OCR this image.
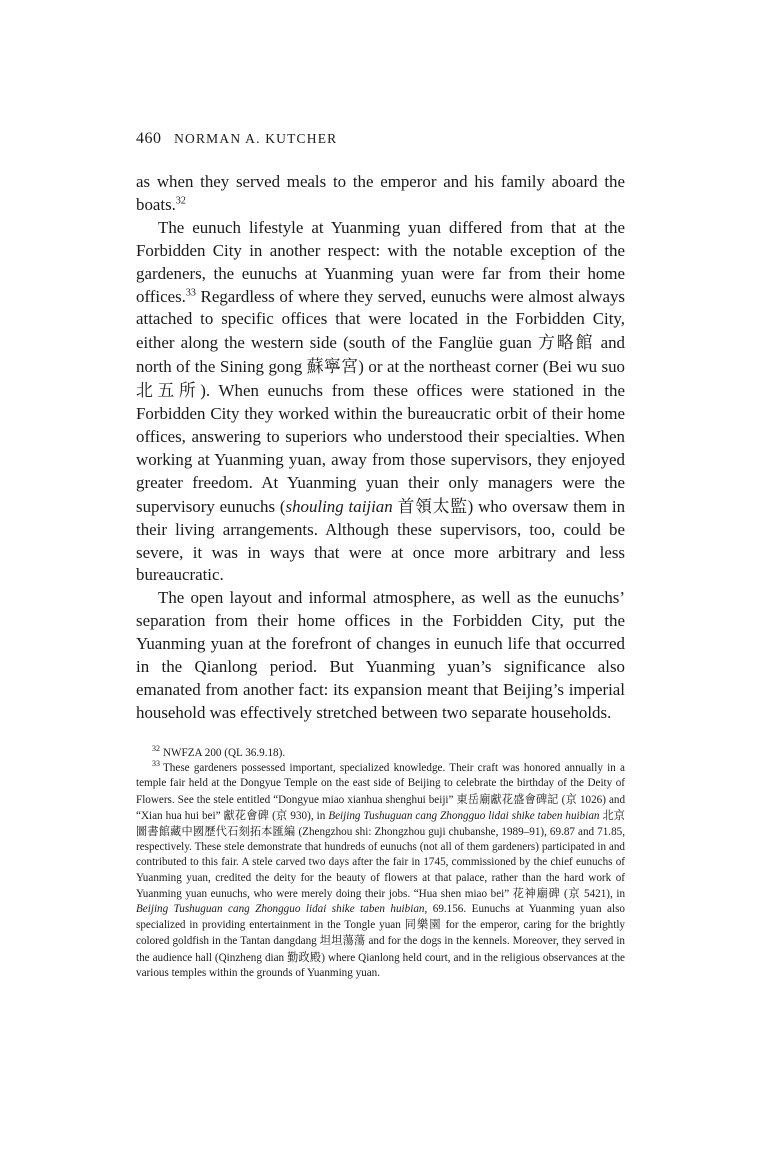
460 NORMAN A. KUTCHER

as when they served meals to the emperor and his family aboard the boats.$^{32}$

The eunuch lifestyle at Yuanming yuan differed from that at the Forbidden City in another respect: with the notable exception of the gardeners, the eunuchs at Yuanming yuan were far from their home offices.$^{33}$ Regardless of where they served, eunuchs were almost always attached to specific offices that were located in the Forbidden City, either along the western side (south of the Fanglüe guan 方略館 and north of the Sining gong 蘇寧宮) or at the northeast corner (Bei wu suo 北五所). When eunuchs from these offices were stationed in the Forbidden City they worked within the bureaucratic orbit of their home offices, answering to superiors who understood their specialties. When working at Yuanming yuan, away from those supervisors, they enjoyed greater freedom. At Yuanming yuan their only managers were the supervisory eunuchs (shouling taijian 首領太監) who oversaw them in their living arrangements. Although these supervisors, too, could be severe, it was in ways that were at once more arbitrary and less bureaucratic.

The open layout and informal atmosphere, as well as the eunuchs’ separation from their home offices in the Forbidden City, put the Yuanming yuan at the forefront of changes in eunuch life that occurred in the Qianlong period. But Yuanming yuan’s significance also emanated from another fact: its expansion meant that Beijing’s imperial household was effectively stretched between two separate households.

$^{32}$ NWFZA 200 (QL 36.9.18).

$^{33}$ These gardeners possessed important, specialized knowledge. Their craft was honored annually in a temple fair held at the Dongyue Temple on the east side of Beijing to celebrate the birthday of the Deity of Flowers. See the stele entitled “Dongyue miao xianhua shenghui beiji” 東岳廟獻花盛會碑記 (京 1026) and “Xian hua hui bei” 獻花會碑 (京 930), in Beijing Tushuguan cang Zhongguo lidai shike taben huibian 北京圖書館藏中國歷代石刻拓本匯編 (Zhengzhou shi: Zhongzhou guji chubanshe, 1989–91), 69.87 and 71.85, respectively. These stele demonstrate that hundreds of eunuchs (not all of them gardeners) participated in and contributed to this fair. A stele carved two days after the fair in 1745, commissioned by the chief eunuchs of Yuanming yuan, credited the deity for the beauty of flowers at that palace, rather than the hard work of Yuanming yuan eunuchs, who were merely doing their jobs. “Hua shen miao bei” 花神廟碑 (京 5421), in Beijing Tushuguan cang Zhongguo lidai shike taben huibian, 69.156. Eunuchs at Yuanming yuan also specialized in providing entertainment in the Tongle yuan 同樂園 for the emperor, caring for the brightly colored goldfish in the Tantan dangdang 坦坦蕩蕩 and for the dogs in the kennels. Moreover, they served in the audience hall (Qinzheng dian 勤政殿) where Qianlong held court, and in the religious observances at the various temples within the grounds of Yuanming yuan.
